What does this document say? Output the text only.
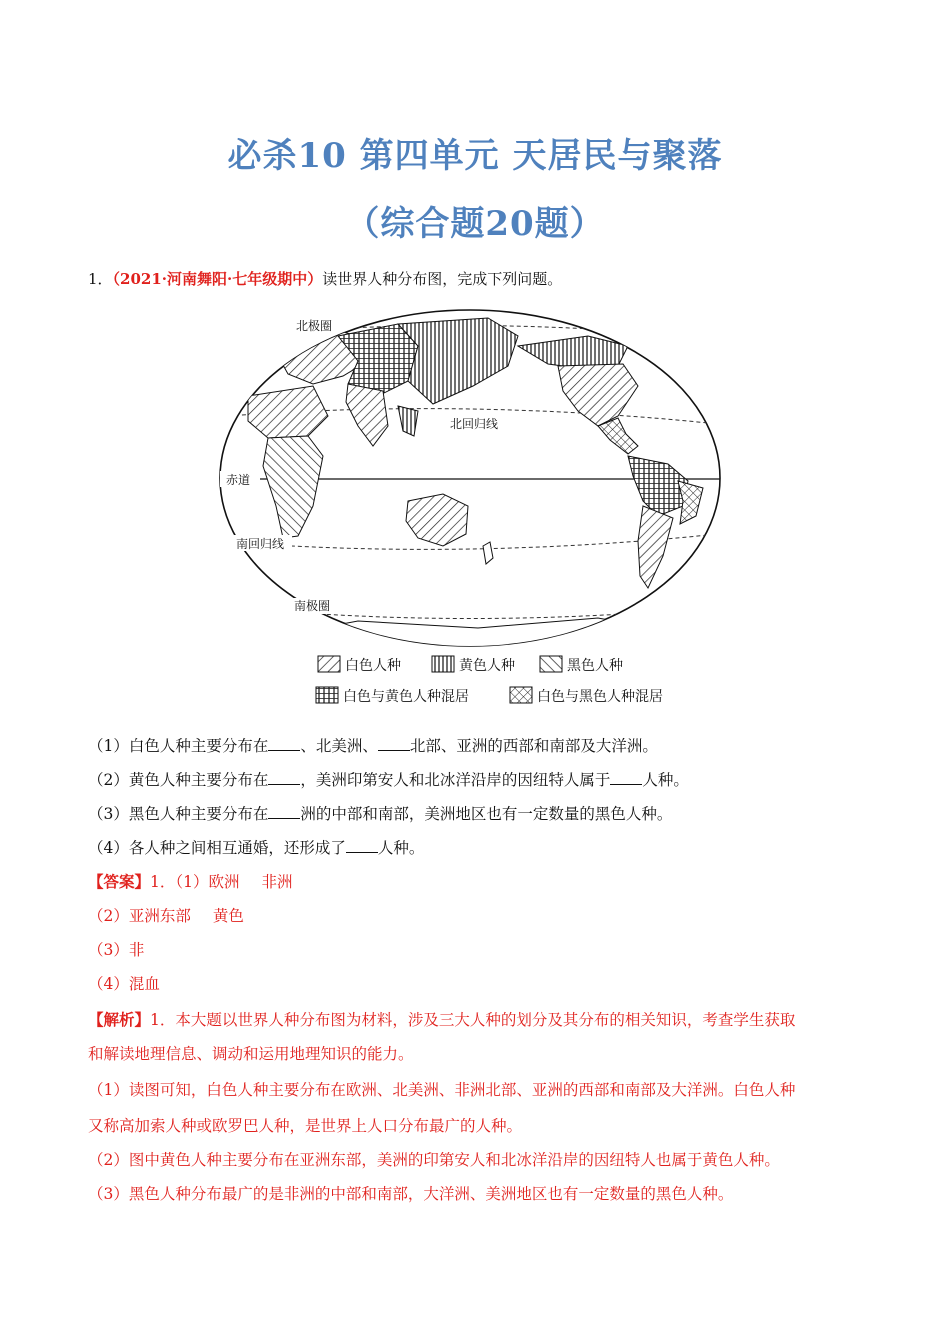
必杀10 第四单元 天居民与聚落
（综合题20题）
1．（2021·河南舞阳·七年级期中）读世界人种分布图，完成下列问题。
北极圈
北回归线
赤道
南回归线
南极圈
白色人种	黄色人种	黑色人种
白色与黄色人种混居	白色与黑色人种混居
（1）白色人种主要分布在 、北美洲、 北部、亚洲的西部和南部及大洋洲。
（2）黄色人种主要分布在 ，美洲印第安人和北冰洋沿岸的因纽特人属于 人种。
（3）黑色人种主要分布在 洲的中部和南部，美洲地区也有一定数量的黑色人种。
（4）各人种之间相互通婚，还形成了 人种。
【答案】1．（1）欧洲 非洲
（2）亚洲东部 黄色
（3）非
（4）混血
【解析】1．本大题以世界人种分布图为材料，涉及三大人种的划分及其分布的相关知识，考查学生获取
和解读地理信息、调动和运用地理知识的能力。
（1）读图可知，白色人种主要分布在欧洲、北美洲、非洲北部、亚洲的西部和南部及大洋洲。白色人种
又称高加索人种或欧罗巴人种，是世界上人口分布最广的人种。
（2）图中黄色人种主要分布在亚洲东部，美洲的印第安人和北冰洋沿岸的因纽特人也属于黄色人种。
（3）黑色人种分布最广的是非洲的中部和南部，大洋洲、美洲地区也有一定数量的黑色人种。
